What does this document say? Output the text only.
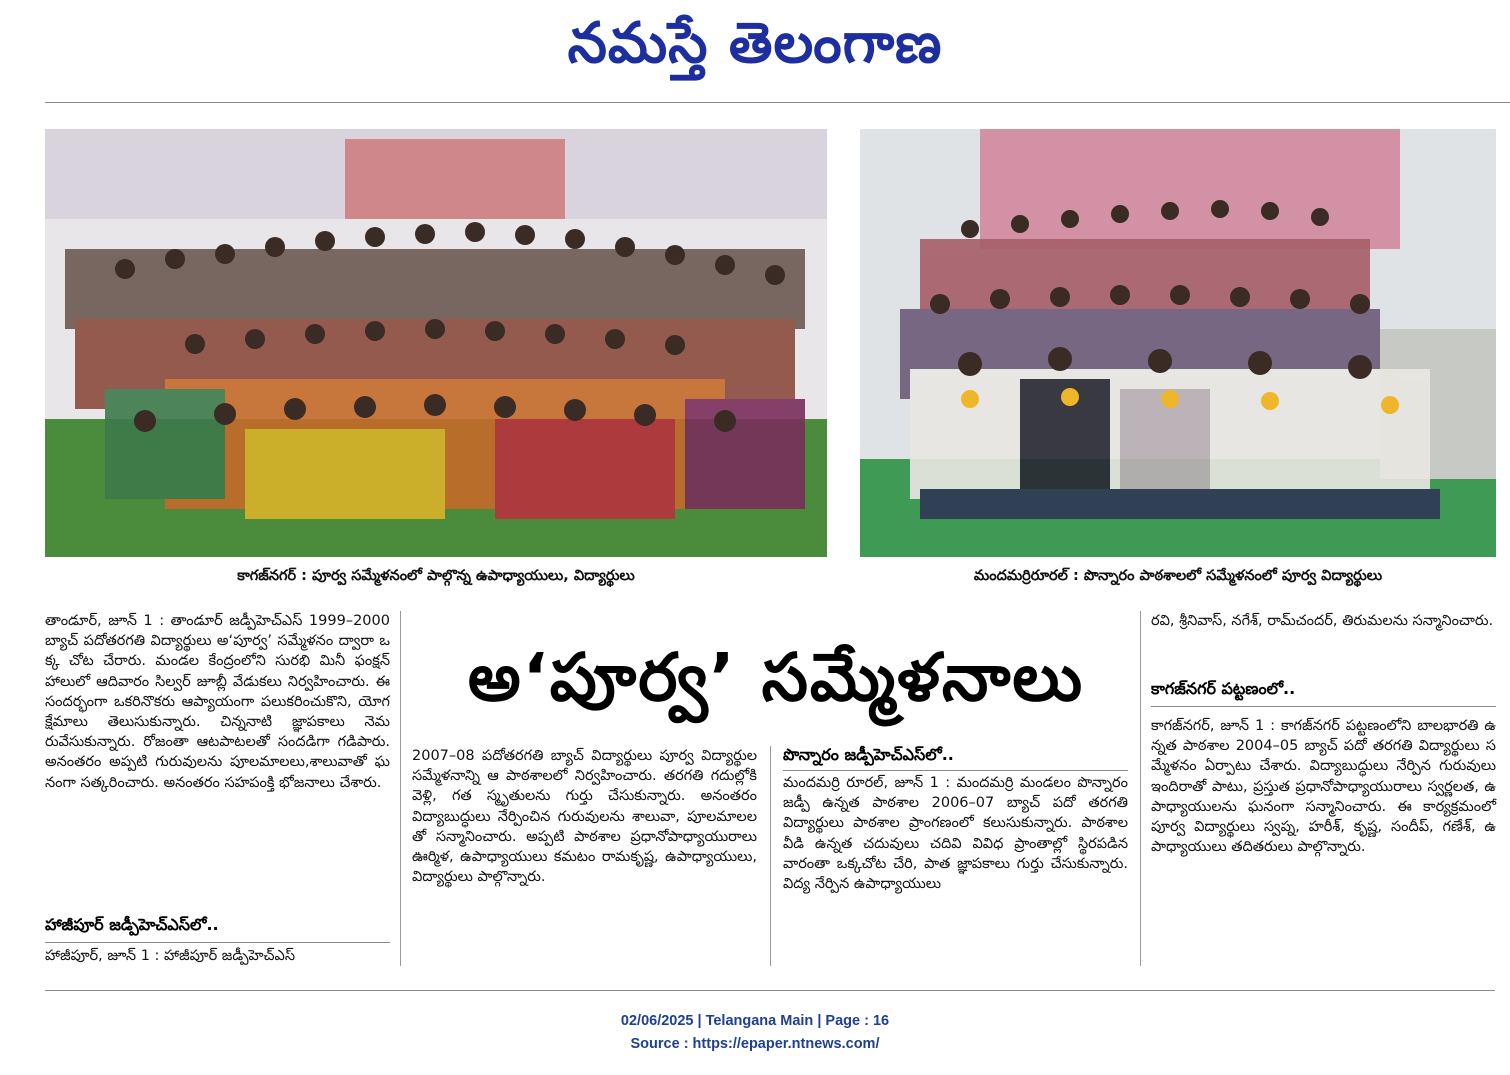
నమస్తే తెలంగాణ
కాగజ్‌నగర్ : పూర్వ సమ్మేళనంలో పాల్గొన్న ఉపాధ్యాయులు, విద్యార్థులు	మందమర్రిరూరల్ : పొన్నారం పాఠశాలలో సమ్మేళనంలో పూర్వ విద్యార్థులు
అ‘పూర్వ’ సమ్మేళనాలు

తాండూర్, జూన్ 1 : తాండూర్ జడ్పీహెచ్ఎస్ 1999–2000 బ్యాచ్ పదోతరగతి విద్యార్థులు అ‘పూర్వ’ సమ్మేళనం ద్వారా ఒక్క చోట చేరారు. మండల కేంద్రంలోని సురభి మినీ ఫంక్షన్ హాలులో ఆదివారం సిల్వర్ జూబ్లీ వేడుకలు నిర్వహించారు. ఈ సందర్భంగా ఒకరినొకరు ఆప్యాయంగా పలుకరించుకొని, యోగక్షేమాలు తెలుసుకున్నారు. చిన్ననాటి జ్ఞాపకాలు నెమరువేసుకున్నారు. రోజంతా ఆటపాటలతో సందడిగా గడిపారు. అనంతరం అప్పటి గురువులను పూలమాలలు,శాలువాతో ఘనంగా సత్కరించారు. అనంతరం సహపంక్తి భోజనాలు చేశారు.

హాజీపూర్ జడ్పీహెచ్ఎస్‌లో..

హాజీపూర్, జూన్ 1 : హాజీపూర్ జడ్పీహెచ్ఎస్

2007–08 పదోతరగతి బ్యాచ్ విద్యార్థులు పూర్వ విద్యార్థుల సమ్మేళనాన్ని ఆ పాఠశాలలో నిర్వహించారు. తరగతి గదుల్లోకి వెళ్లి, గత స్మృతులను గుర్తు చేసుకున్నారు. అనంతరం విద్యాబుద్ధులు నేర్పించిన గురువులను శాలువా, పూలమాలలతో సన్మానించారు. అప్పటి పాఠశాల ప్రధానోపాధ్యాయురాలు ఊర్మిళ, ఉపాధ్యాయులు కమటం రామకృష్ణ, ఉపాధ్యాయులు, విద్యార్థులు పాల్గొన్నారు.

పొన్నారం జడ్పీహెచ్ఎస్‌లో..

మందమర్రి రూరల్, జూన్ 1 : మందమర్రి మండలం పొన్నారం జడ్పీ ఉన్నత పాఠశాల 2006–07 బ్యాచ్ పదో తరగతి విద్యార్థులు పాఠశాల ప్రాంగణంలో కలుసుకున్నారు. పాఠశాల వీడి ఉన్నత చదువులు చదివి వివిధ ప్రాంతాల్లో స్థిరపడిన వారంతా ఒక్కచోట చేరి, పాత జ్ఞాపకాలు గుర్తు చేసుకున్నారు. విద్య నేర్పిన ఉపాధ్యాయులు

రవి, శ్రీనివాస్, నగేశ్, రామ్‌చందర్, తిరుమలను సన్మానించారు.

కాగజ్‌నగర్ పట్టణంలో..

కాగజ్‌నగర్, జూన్ 1 : కాగజ్‌నగర్ పట్టణంలోని బాలభారతి ఉన్నత పాఠశాల 2004–05 బ్యాచ్ పదో తరగతి విద్యార్థులు సమ్మేళనం ఏర్పాటు చేశారు. విద్యాబుద్ధులు నేర్పిన గురువులు ఇందిరాతో పాటు, ప్రస్తుత ప్రధానోపాధ్యాయురాలు స్వర్ణలత, ఉపాధ్యాయులను ఘనంగా సన్మానించారు. ఈ కార్యక్రమంలో పూర్వ విద్యార్థులు స్వప్న, హరీశ్, కృష్ణ, సందీప్, గణేశ్, ఉపాధ్యాయులు తదితరులు పాల్గొన్నారు.

02/06/2025 | Telangana Main | Page : 16
Source : https://epaper.ntnews.com/
